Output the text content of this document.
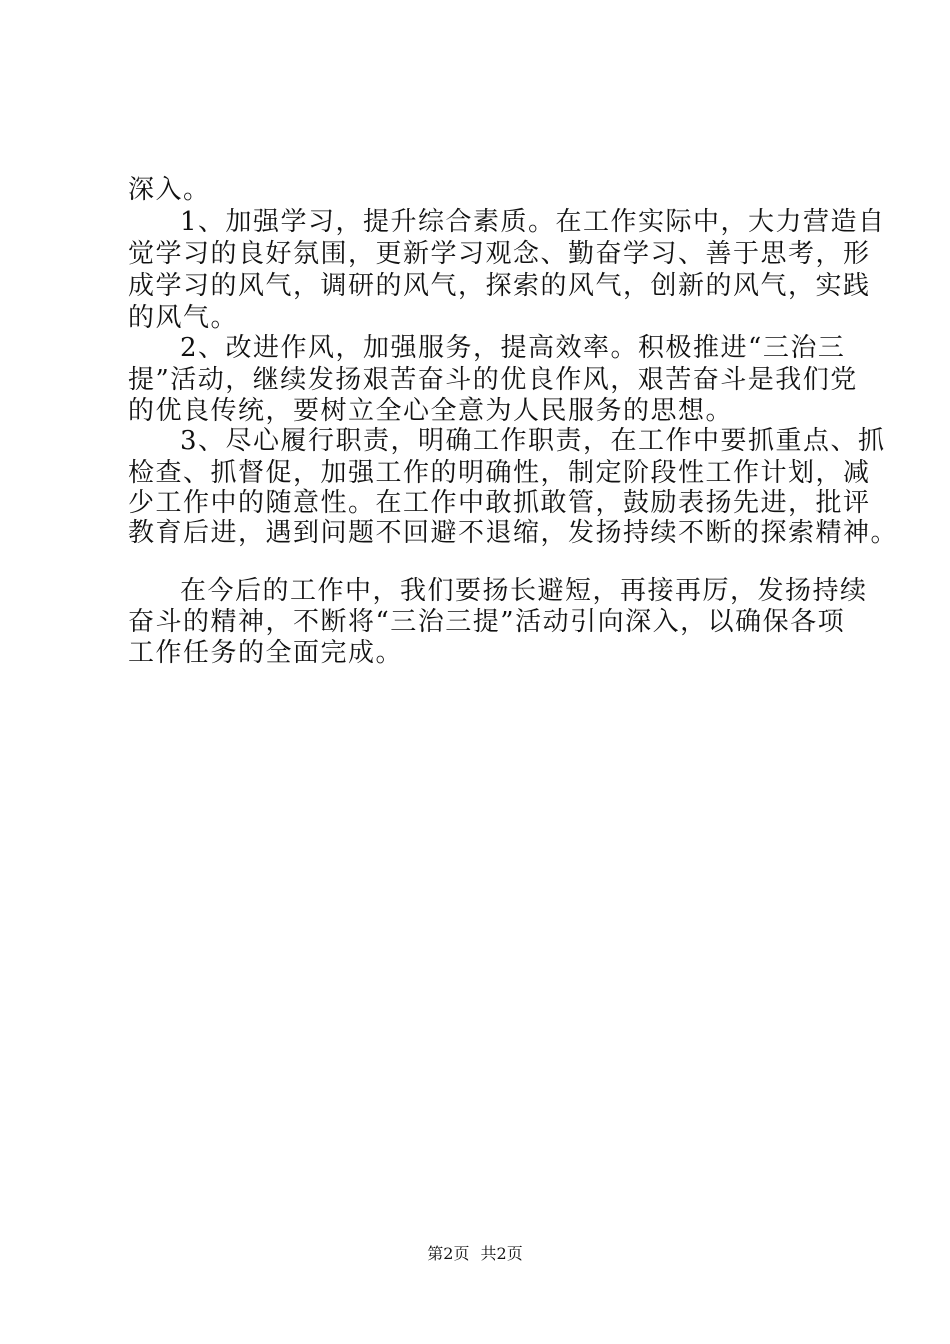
深入。
1、加强学习，提升综合素质。在工作实际中，大力营造自
觉学习的良好氛围，更新学习观念、勤奋学习、善于思考，形
成学习的风气，调研的风气，探索的风气，创新的风气，实践
的风气。
2、改进作风，加强服务，提高效率。积极推进“三治三
提”活动，继续发扬艰苦奋斗的优良作风，艰苦奋斗是我们党
的优良传统，要树立全心全意为人民服务的思想。
3、尽心履行职责，明确工作职责，在工作中要抓重点、抓
检查、抓督促，加强工作的明确性，制定阶段性工作计划，减
少工作中的随意性。在工作中敢抓敢管，鼓励表扬先进，批评
教育后进，遇到问题不回避不退缩，发扬持续不断的探索精神。
在今后的工作中，我们要扬长避短，再接再厉，发扬持续
奋斗的精神，不断将“三治三提”活动引向深入，以确保各项
工作任务的全面完成。
第2页 共2页
